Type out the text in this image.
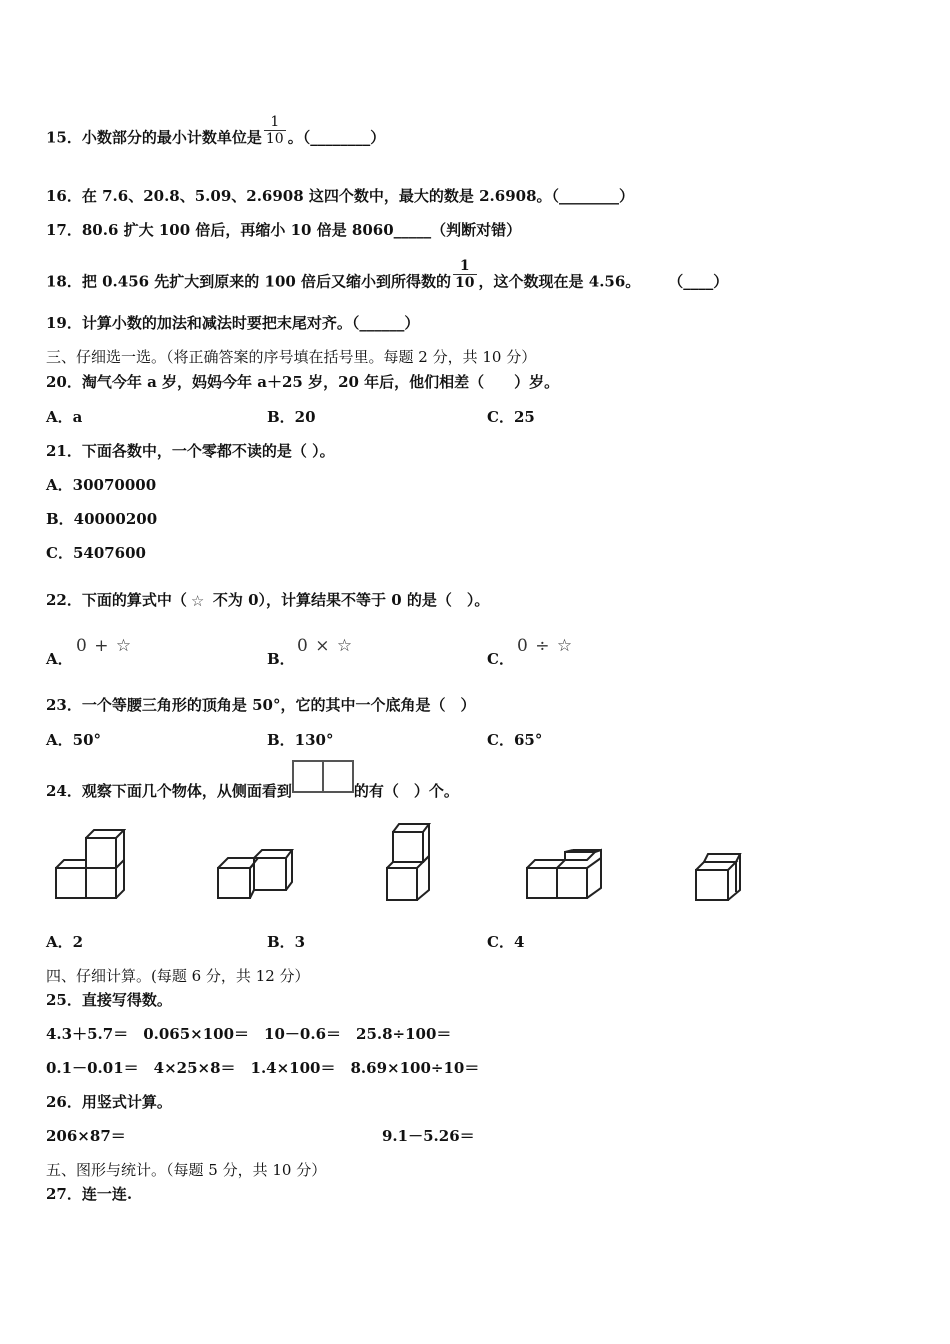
15．小数部分的最小计数单位是 $\frac{1}{10}$ 。（________）
16．在 7.6、20.8、5.09、2.6908 这四个数中，最大的数是 2.6908。（________）
17．80.6 扩大 100 倍后，再缩小 10 倍是 8060_____（判断对错）
18．把 0.456 先扩大到原来的 100 倍后又缩小到所得数的 $\frac{1}{10}$ ，这个数现在是 4.56。 （____）
19．计算小数的加法和减法时要把末尾对齐。（______）
三、仔细选一选。（将正确答案的序号填在括号里。每题 2 分，共 10 分）
20．淘气今年 a 岁，妈妈今年 a＋25 岁，20 年后，他们相差（　　）岁。
A．a	B．20	C．25
21．下面各数中，一个零都不读的是（ ）。
A．30070000
B．40000200
C．5407600
22．下面的算式中（ ☆ 不为 0），计算结果不等于 0 的是（　）。
A．
0 + ☆
B．
0 × ☆
C．
0 ÷ ☆
23．一个等腰三角形的顶角是 50°，它的其中一个底角是（　）
A．50°	B．130°	C．65°
24．观察下面几个物体，从侧面看到	的有（　）个。
A．2	B．3	C．4
四、仔细计算。(每题 6 分，共 12 分）
25．直接写得数。
4.3＋5.7＝　0.065×100＝　10－0.6＝　25.8÷100＝
0.1－0.01＝　4×25×8＝　1.4×100＝　8.69×100÷10＝
26．用竖式计算。
206×87＝	9.1－5.26＝
五、图形与统计。（每题 5 分，共 10 分）
27．连一连.
